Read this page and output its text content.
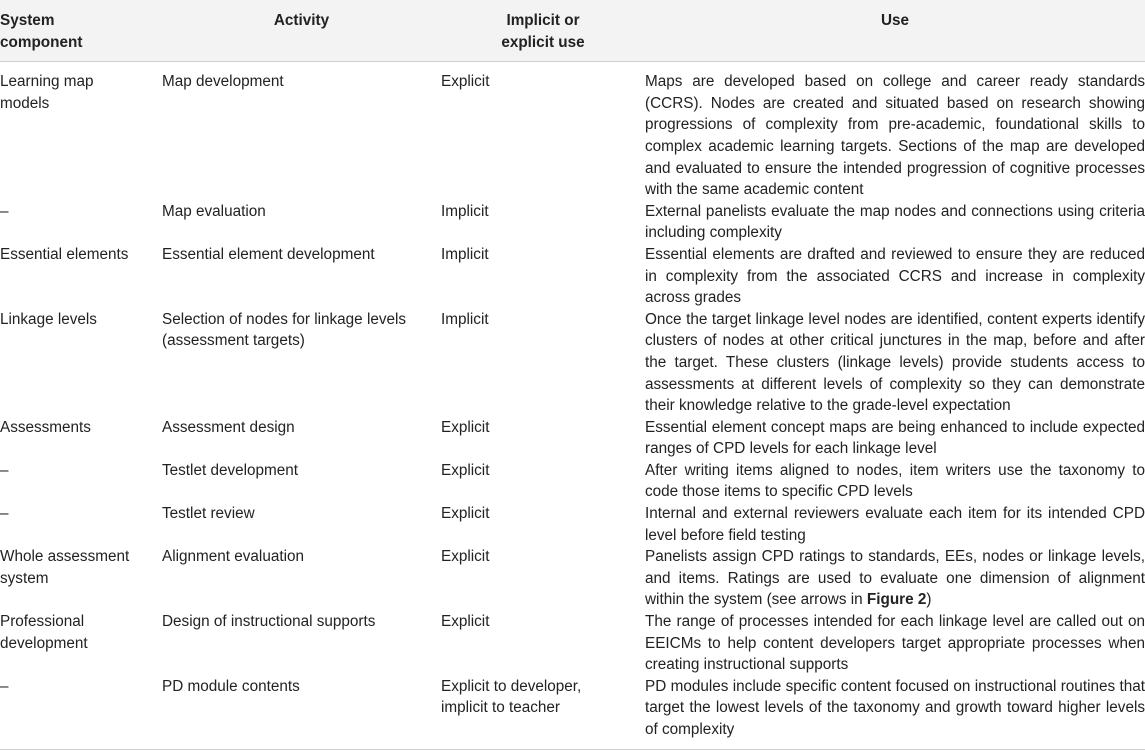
System component	Activity	Implicit or explicit use	Use
Learning map models	Map development	Explicit	Maps are developed based on college and career ready standards (CCRS). Nodes are created and situated based on research showing progressions of complexity from pre-academic, foundational skills to complex academic learning targets. Sections of the map are developed and evaluated to ensure the intended progression of cognitive processes with the same academic content
–	Map evaluation	Implicit	External panelists evaluate the map nodes and connections using criteria including complexity
Essential elements	Essential element development	Implicit	Essential elements are drafted and reviewed to ensure they are reduced in complexity from the associated CCRS and increase in complexity across grades
Linkage levels	Selection of nodes for linkage levels (assessment targets)	Implicit	Once the target linkage level nodes are identified, content experts identify clusters of nodes at other critical junctures in the map, before and after the target. These clusters (linkage levels) provide students access to assessments at different levels of complexity so they can demonstrate their knowledge relative to the grade-level expectation
Assessments	Assessment design	Explicit	Essential element concept maps are being enhanced to include expected ranges of CPD levels for each linkage level
–	Testlet development	Explicit	After writing items aligned to nodes, item writers use the taxonomy to code those items to specific CPD levels
–	Testlet review	Explicit	Internal and external reviewers evaluate each item for its intended CPD level before field testing
Whole assessment system	Alignment evaluation	Explicit	Panelists assign CPD ratings to standards, EEs, nodes or linkage levels, and items. Ratings are used to evaluate one dimension of alignment within the system (see arrows in Figure 2)
Professional development	Design of instructional supports	Explicit	The range of processes intended for each linkage level are called out on EEICMs to help content developers target appropriate processes when creating instructional supports
–	PD module contents	Explicit to developer, implicit to teacher	PD modules include specific content focused on instructional routines that target the lowest levels of the taxonomy and growth toward higher levels of complexity
